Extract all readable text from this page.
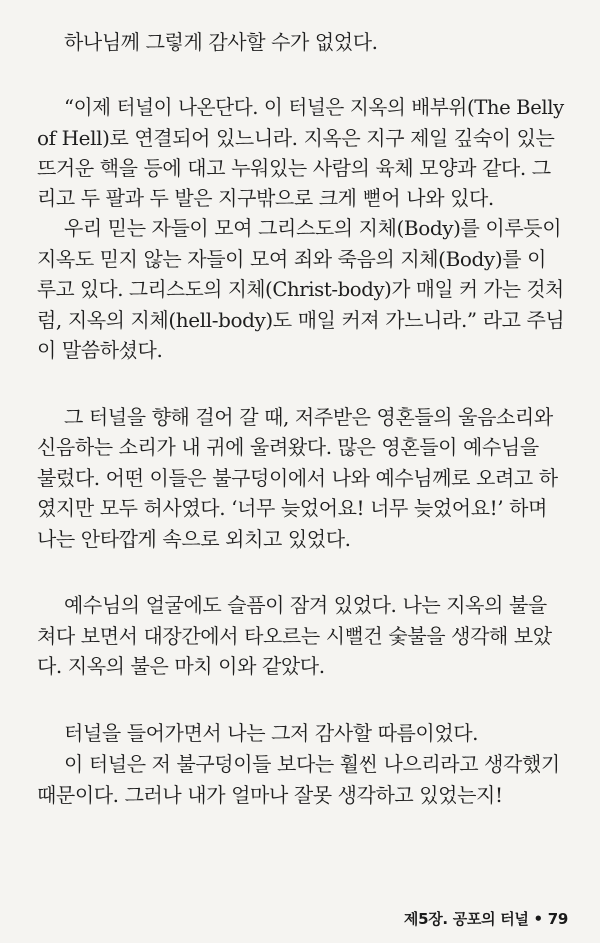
하나님께 그렇게 감사할 수가 없었다.
“이제 터널이 나온단다. 이 터널은 지옥의 배부위(The Belly
of Hell)로 연결되어 있느니라. 지옥은 지구 제일 깊숙이 있는
뜨거운 핵을 등에 대고 누워있는 사람의 육체 모양과 같다. 그
리고 두 팔과 두 발은 지구밖으로 크게 뻗어 나와 있다.
우리 믿는 자들이 모여 그리스도의 지체(Body)를 이루듯이
지옥도 믿지 않는 자들이 모여 죄와 죽음의 지체(Body)를 이
루고 있다. 그리스도의 지체(Christ-body)가 매일 커 가는 것처
럼, 지옥의 지체(hell-body)도 매일 커져 가느니라.” 라고 주님
이 말씀하셨다.
그 터널을 향해 걸어 갈 때, 저주받은 영혼들의 울음소리와
신음하는 소리가 내 귀에 울려왔다. 많은 영혼들이 예수님을
불렀다. 어떤 이들은 불구덩이에서 나와 예수님께로 오려고 하
였지만 모두 허사였다. ‘너무 늦었어요! 너무 늦었어요!’ 하며
나는 안타깝게 속으로 외치고 있었다.
예수님의 얼굴에도 슬픔이 잠겨 있었다. 나는 지옥의 불을
쳐다 보면서 대장간에서 타오르는 시뻘건 숯불을 생각해 보았
다. 지옥의 불은 마치 이와 같았다.
터널을 들어가면서 나는 그저 감사할 따름이었다.
이 터널은 저 불구덩이들 보다는 훨씬 나으리라고 생각했기
때문이다. 그러나 내가 얼마나 잘못 생각하고 있었는지!
제5장. 공포의 터널 • 79
